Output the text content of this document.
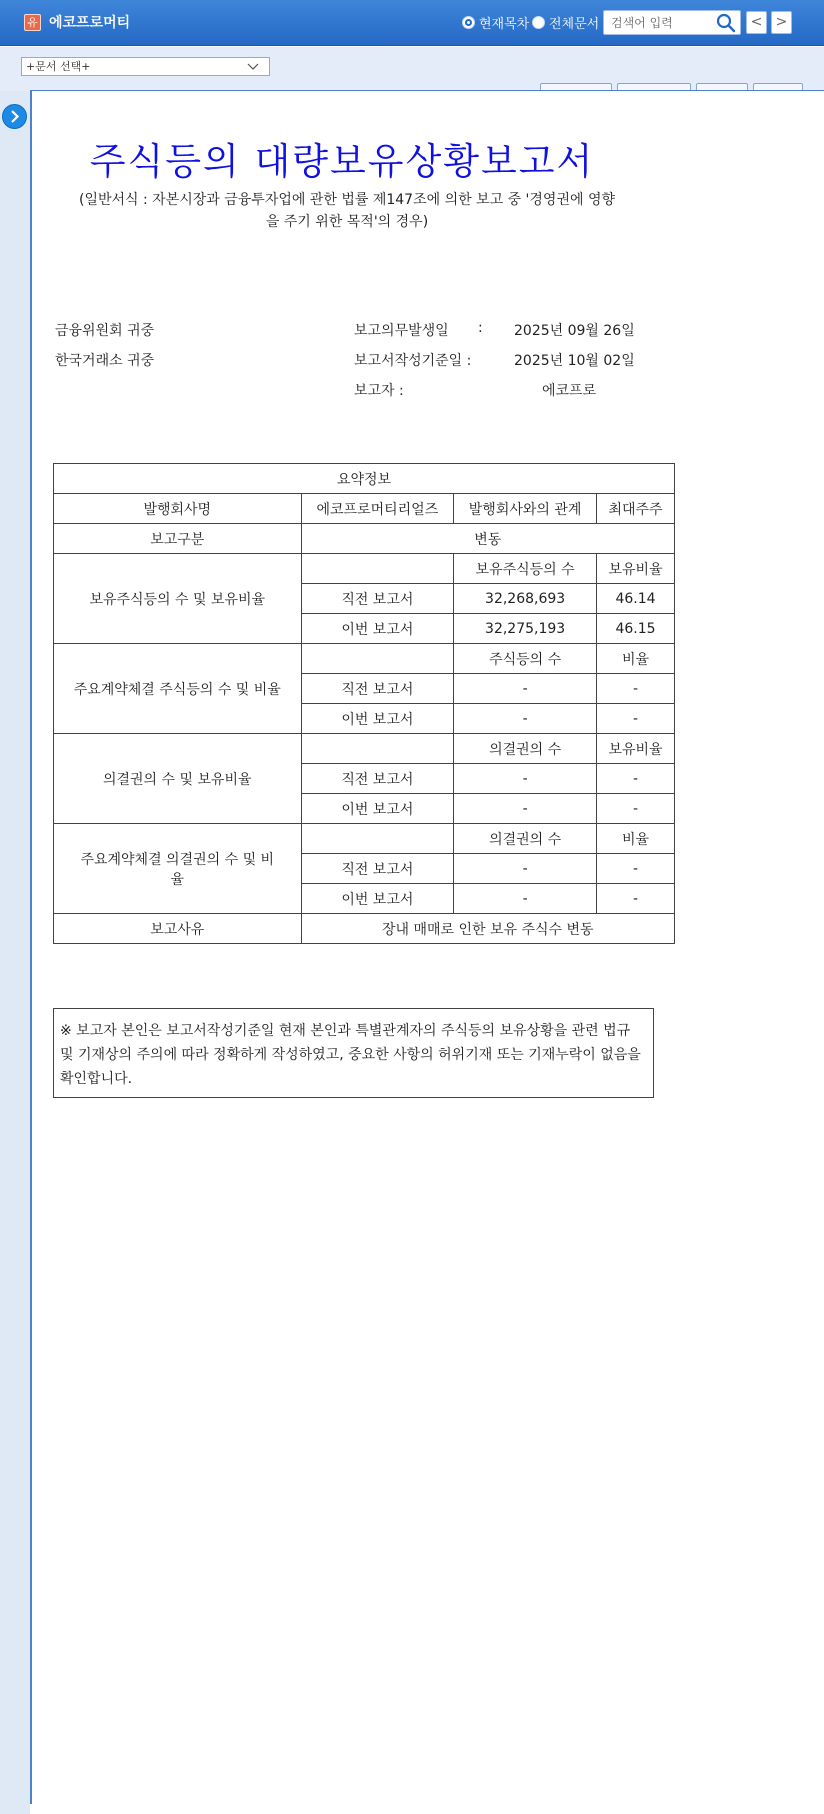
유 에코프로머티	현재목차 전체문서
검색어 입력	< >
+문서 선택+
주식등의 대량보유상황보고서
(일반서식 : 자본시장과 금융투자업에 관한 법률 제147조에 의한 보고 중 '경영권에 영향
을 주기 위한 목적'의 경우)
금융위원회 귀중
한국거래소 귀중
보고의무발생일 : 2025년 09월 26일
보고서작성기준일 :	2025년 10월 02일
보고자 :	에코프로
요약정보			
발행회사명	에코프로머티리얼즈	발행회사와의 관계	최대주주
보고구분	변동		
보유주식등의 수 및 보유비율		보유주식등의 수	보유비율
	직전 보고서	32,268,693	46.14
	이번 보고서	32,275,193	46.15
주요계약체결 주식등의 수 및 비율		주식등의 수	비율
	직전 보고서	-	-
	이번 보고서	-	-
의결권의 수 및 보유비율		의결권의 수	보유비율
	직전 보고서	-	-
	이번 보고서	-	-
주요계약체결 의결권의 수 및 비율		의결권의 수	비율
	직전 보고서	-	-
	이번 보고서	-	-
보고사유	장내 매매로 인한 보유 주식수 변동		
※ 보고자 본인은 보고서작성기준일 현재 본인과 특별관계자의 주식등의 보유상황을 관련 법규 및 기재상의 주의에 따라 정확하게 작성하였고, 중요한 사항의 허위기재 또는 기재누락이 없음을 확인합니다.
